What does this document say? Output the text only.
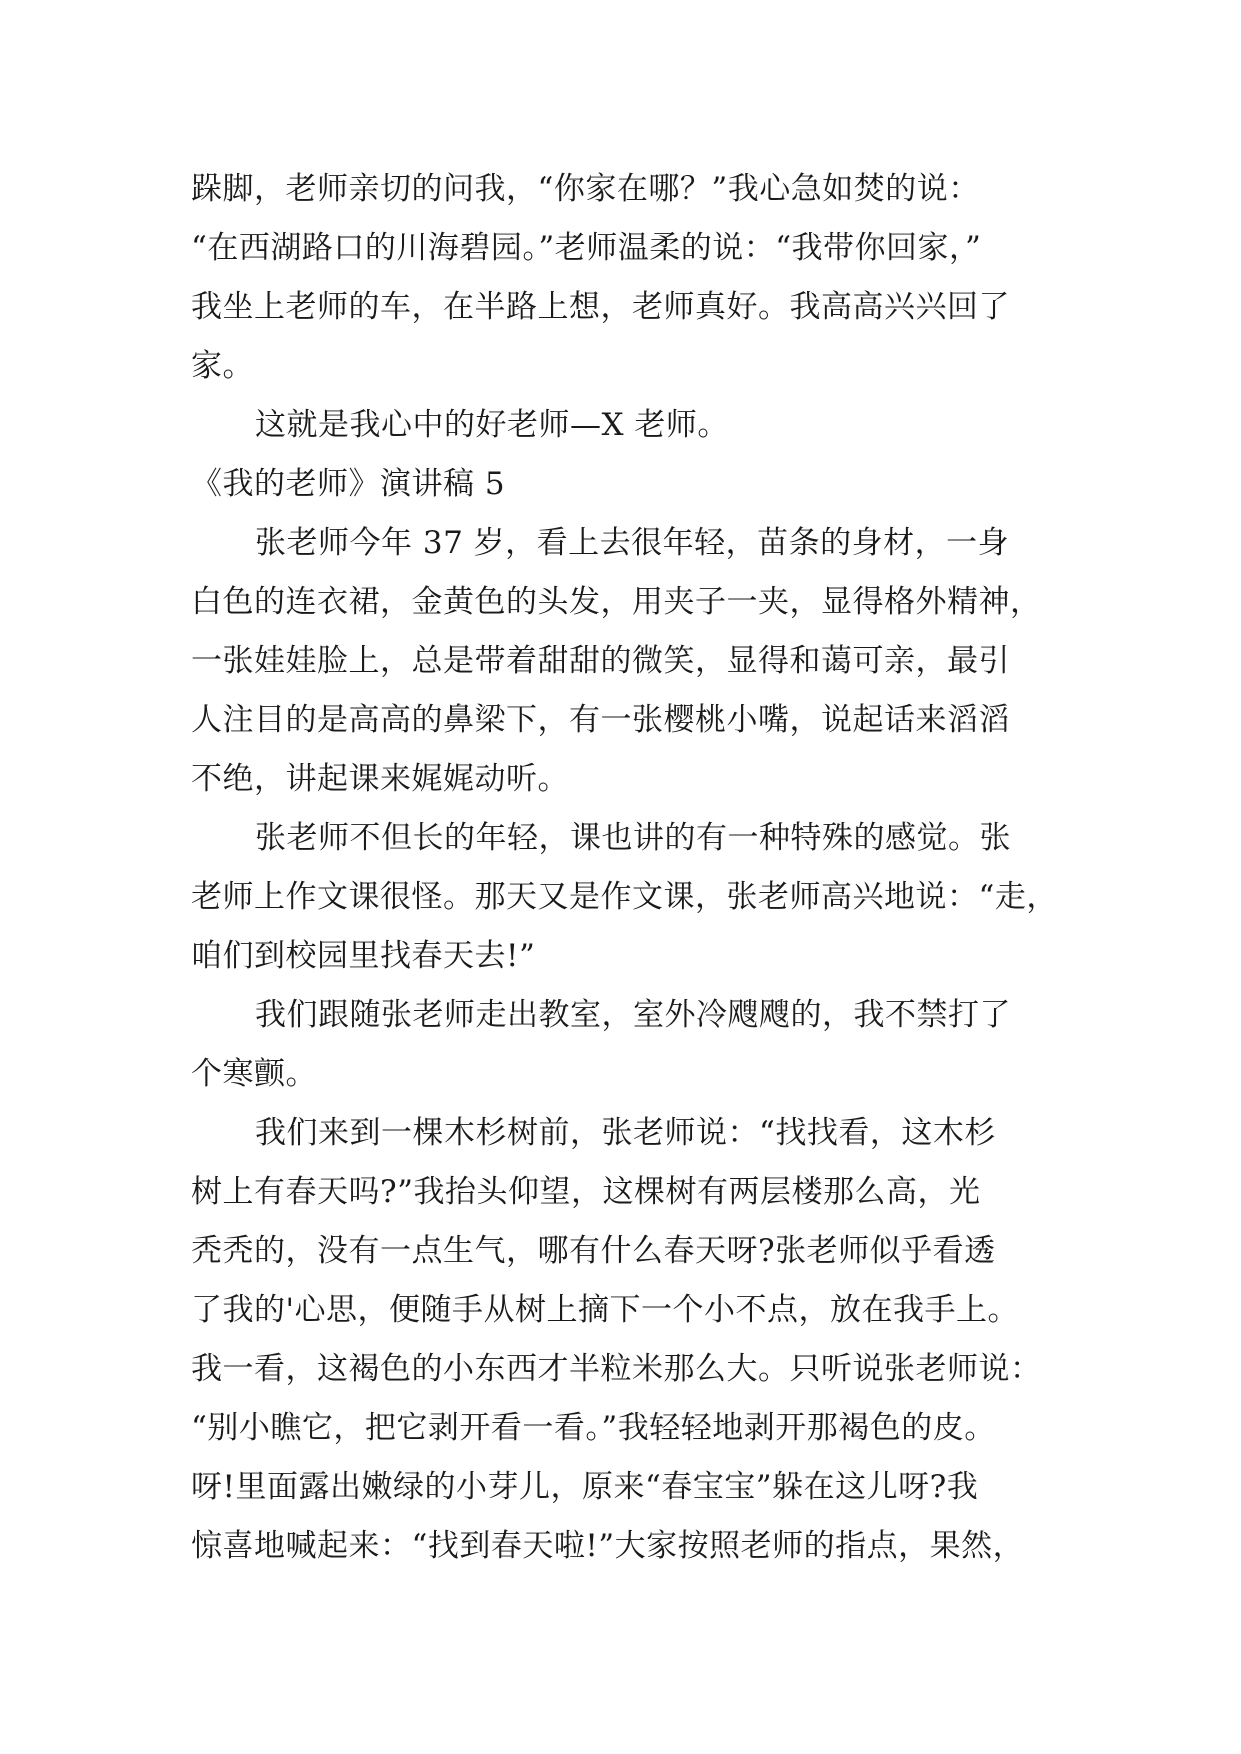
跺脚，老师亲切的问我，“你家在哪？”我心急如焚的说：
“在西湖路口的川海碧园。”老师温柔的说：“我带你回家，”
我坐上老师的车，在半路上想，老师真好。我高高兴兴回了
家。
这就是我心中的好老师—X 老师。
《我的老师》演讲稿 5
张老师今年 37 岁，看上去很年轻，苗条的身材，一身
白色的连衣裙，金黄色的头发，用夹子一夹，显得格外精神，
一张娃娃脸上，总是带着甜甜的微笑，显得和蔼可亲，最引
人注目的是高高的鼻梁下，有一张樱桃小嘴，说起话来滔滔
不绝，讲起课来娓娓动听。
张老师不但长的年轻，课也讲的有一种特殊的感觉。张
老师上作文课很怪。那天又是作文课，张老师高兴地说：“走，
咱们到校园里找春天去!”
我们跟随张老师走出教室，室外冷飕飕的，我不禁打了
个寒颤。
我们来到一棵木杉树前，张老师说：“找找看，这木杉
树上有春天吗?”我抬头仰望，这棵树有两层楼那么高，光
秃秃的，没有一点生气，哪有什么春天呀?张老师似乎看透
了我的'心思，便随手从树上摘下一个小不点，放在我手上。
我一看，这褐色的小东西才半粒米那么大。只听说张老师说：
“别小瞧它，把它剥开看一看。”我轻轻地剥开那褐色的皮。
呀!里面露出嫩绿的小芽儿，原来“春宝宝”躲在这儿呀?我
惊喜地喊起来：“找到春天啦!”大家按照老师的指点，果然，
